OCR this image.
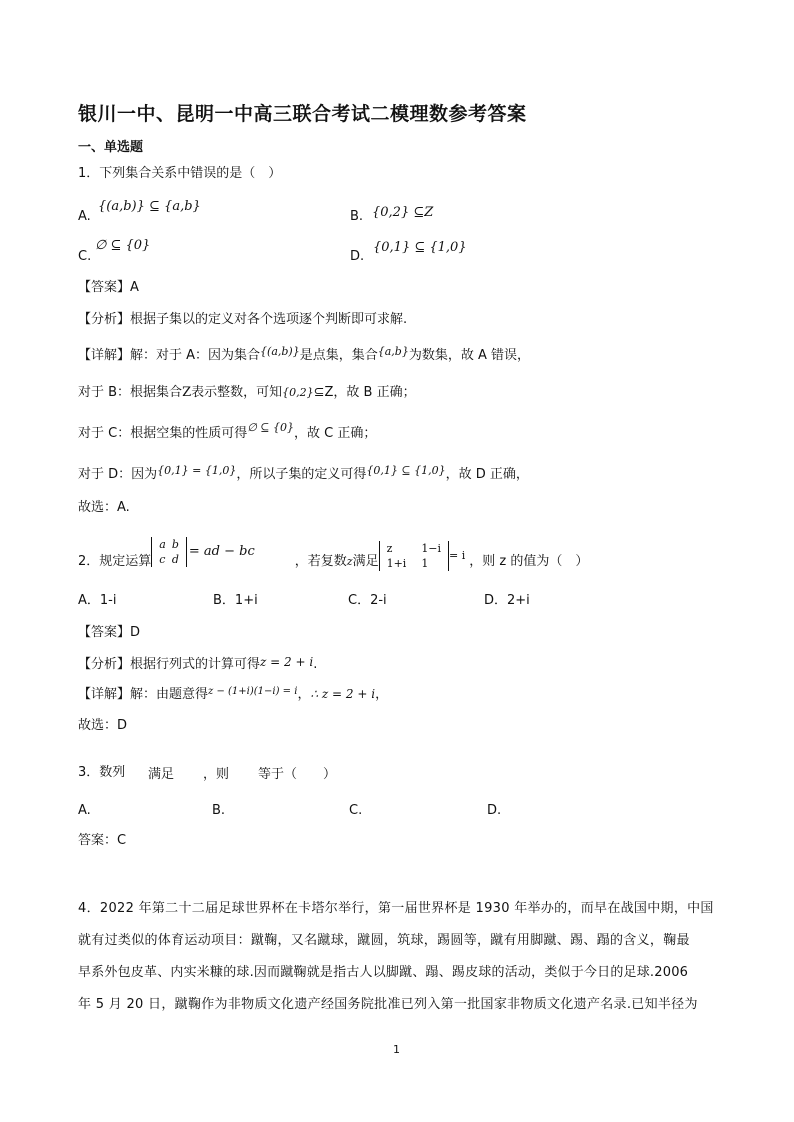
银川一中、昆明一中高三联合考试二模理数参考答案
一、单选题
1．下列集合关系中错误的是（　）
A.
{(a,b)} ⊆ {a,b}
B. {0,2} ⊆Z
C.
∅ ⊆ {0}
D.
{0,1} ⊆ {1,0}
【答案】A
【分析】根据子集以的定义对各个选项逐个判断即可求解.
【详解】解：对于 A：因为集合$^{\{(a,b)\}}$是点集，集合$^{\{a,b\}}$为数集，故 A 错误，
对于 B：根据集合Z表示整数，可知{0,2}⊆Z，故 B 正确；
对于 C：根据空集的性质可得$^{\emptyset ⊆ \{0\}}$，故 C 正确；
对于 D：因为$^{\{0,1\} = \{1,0\}}$，所以子集的定义可得$^{\{0,1\} ⊆ \{1,0\}}$，故 D 正确，
故选：A.
2．规定运算
a	b
c	d = ad − bc，若复数z满足
z	1−i
1+i	1
$^{= i}$ ，则 z 的值为（　）
A．1-i	B．1+i	C．2-i	D．2+i
【答案】D
【分析】根据行列式的计算可得z = 2 + i.
【详解】解：由题意得$^{z - (1+i)(1-i) = i}$，∴ z = 2 + i，
故选：D
3．数列 满足 ，则 等于（　　）
A.	B.	C.	D.
答案：C
4．2022 年第二十二届足球世界杯在卡塔尔举行，第一届世界杯是 1930 年举办的，而早在战国中期，中国
就有过类似的体育运动项目：蹴鞠，又名蹴球，蹴圆，筑球，踢圆等，蹴有用脚蹴、踢、蹋的含义，鞠最
早系外包皮革、内实米糠的球.因而蹴鞠就是指古人以脚蹴、蹋、踢皮球的活动，类似于今日的足球.2006
年 5 月 20 日，蹴鞠作为非物质文化遗产经国务院批准已列入第一批国家非物质文化遗产名录.已知半径为
1
